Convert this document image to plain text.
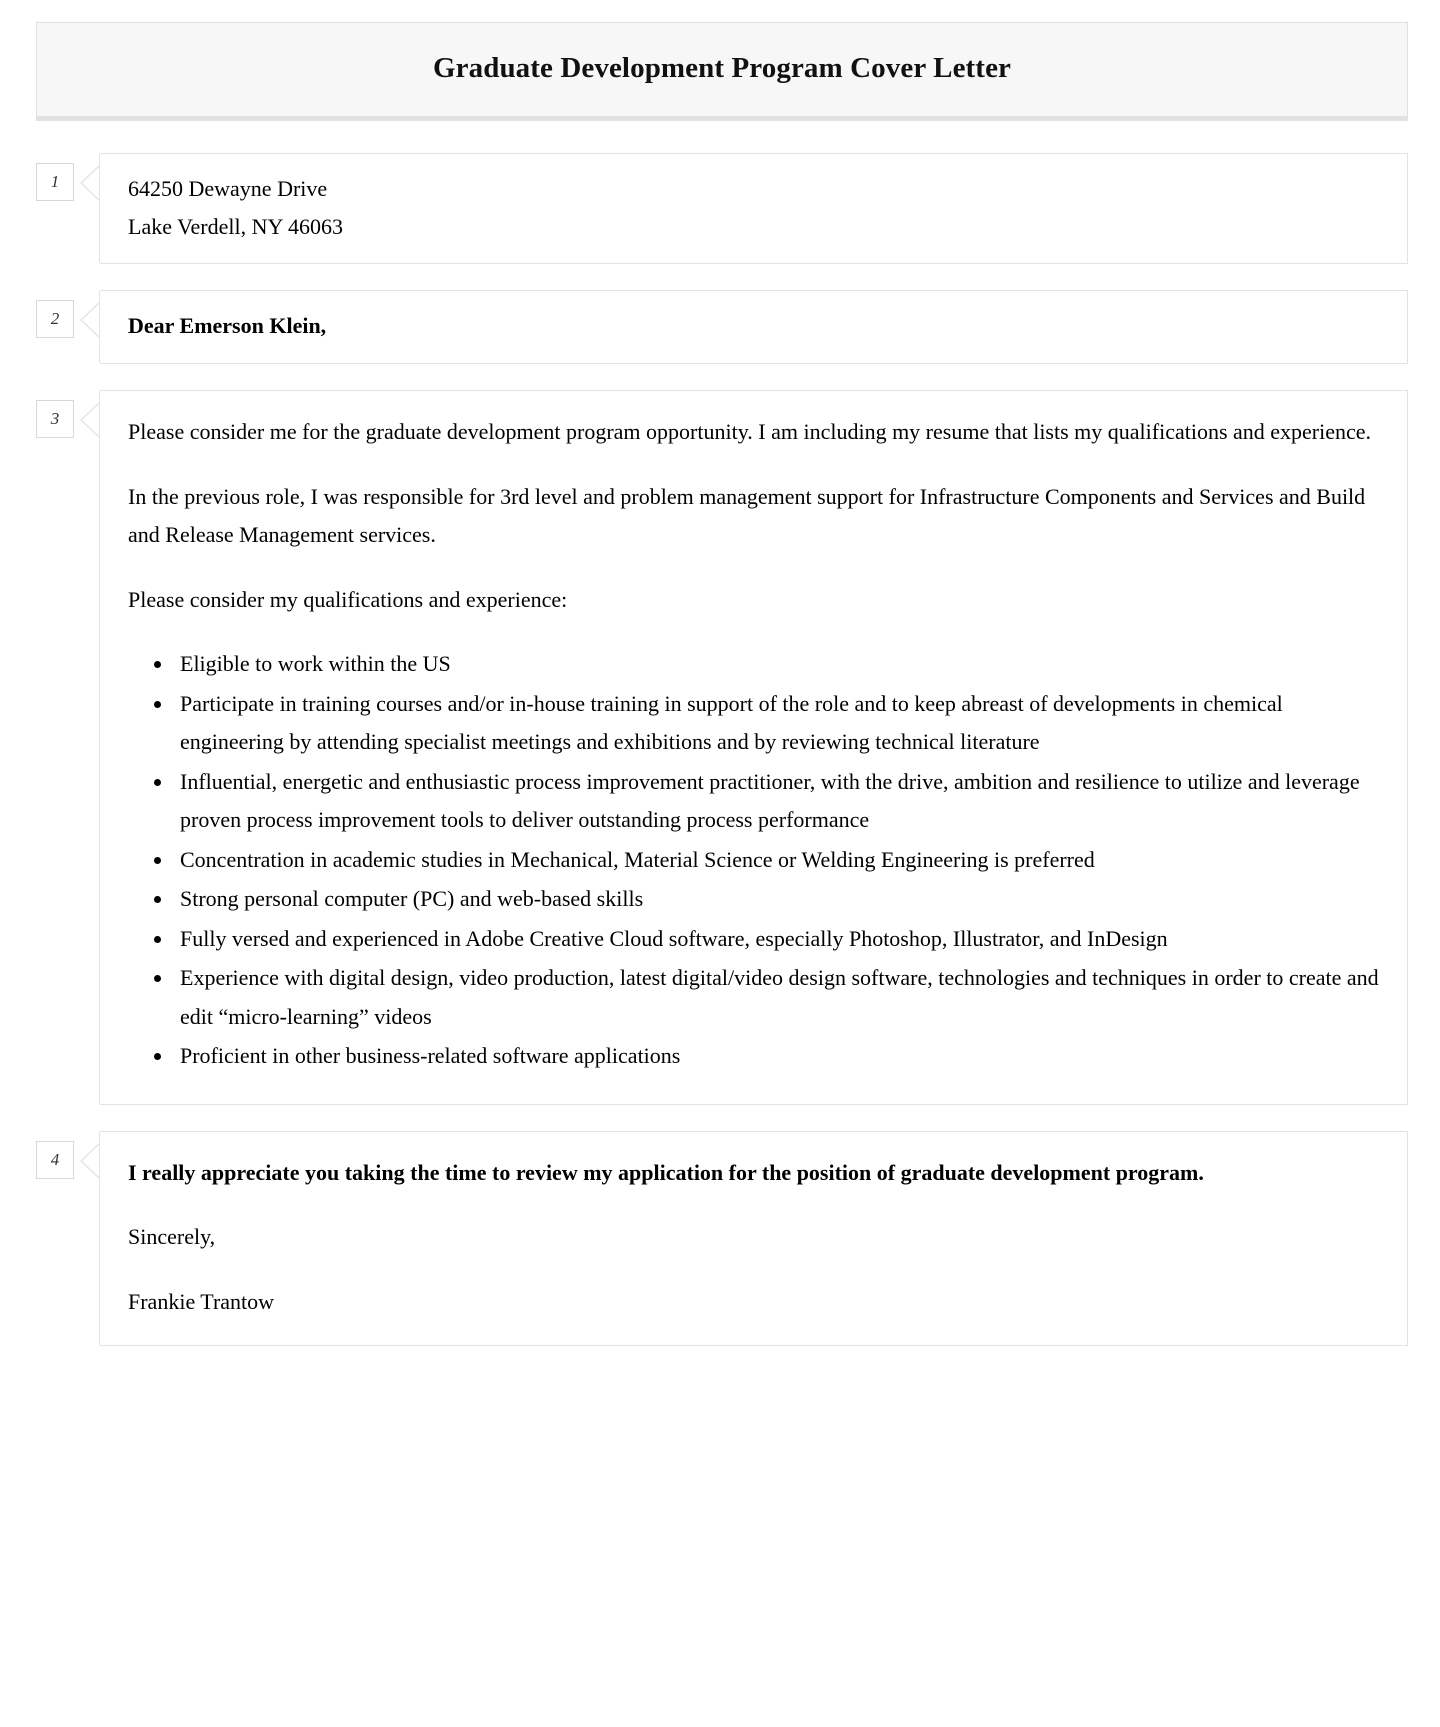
Graduate Development Program Cover Letter
1	64250 Dewayne Drive
Lake Verdell, NY 46063
2	Dear Emerson Klein,
3

Please consider me for the graduate development program opportunity. I am including my resume that lists my qualifications and experience.

In the previous role, I was responsible for 3rd level and problem management support for Infrastructure Components and Services and Build and Release Management services.

Please consider my qualifications and experience:

• Eligible to work within the US
• Participate in training courses and/or in-house training in support of the role and to keep abreast of developments in chemical engineering by attending specialist meetings and exhibitions and by reviewing technical literature
• Influential, energetic and enthusiastic process improvement practitioner, with the drive, ambition and resilience to utilize and leverage proven process improvement tools to deliver outstanding process performance
• Concentration in academic studies in Mechanical, Material Science or Welding Engineering is preferred
• Strong personal computer (PC) and web-based skills
• Fully versed and experienced in Adobe Creative Cloud software, especially Photoshop, Illustrator, and InDesign
• Experience with digital design, video production, latest digital/video design software, technologies and techniques in order to create and edit “micro-learning” videos
• Proficient in other business-related software applications
4

I really appreciate you taking the time to review my application for the position of graduate development program.

Sincerely,

Frankie Trantow
